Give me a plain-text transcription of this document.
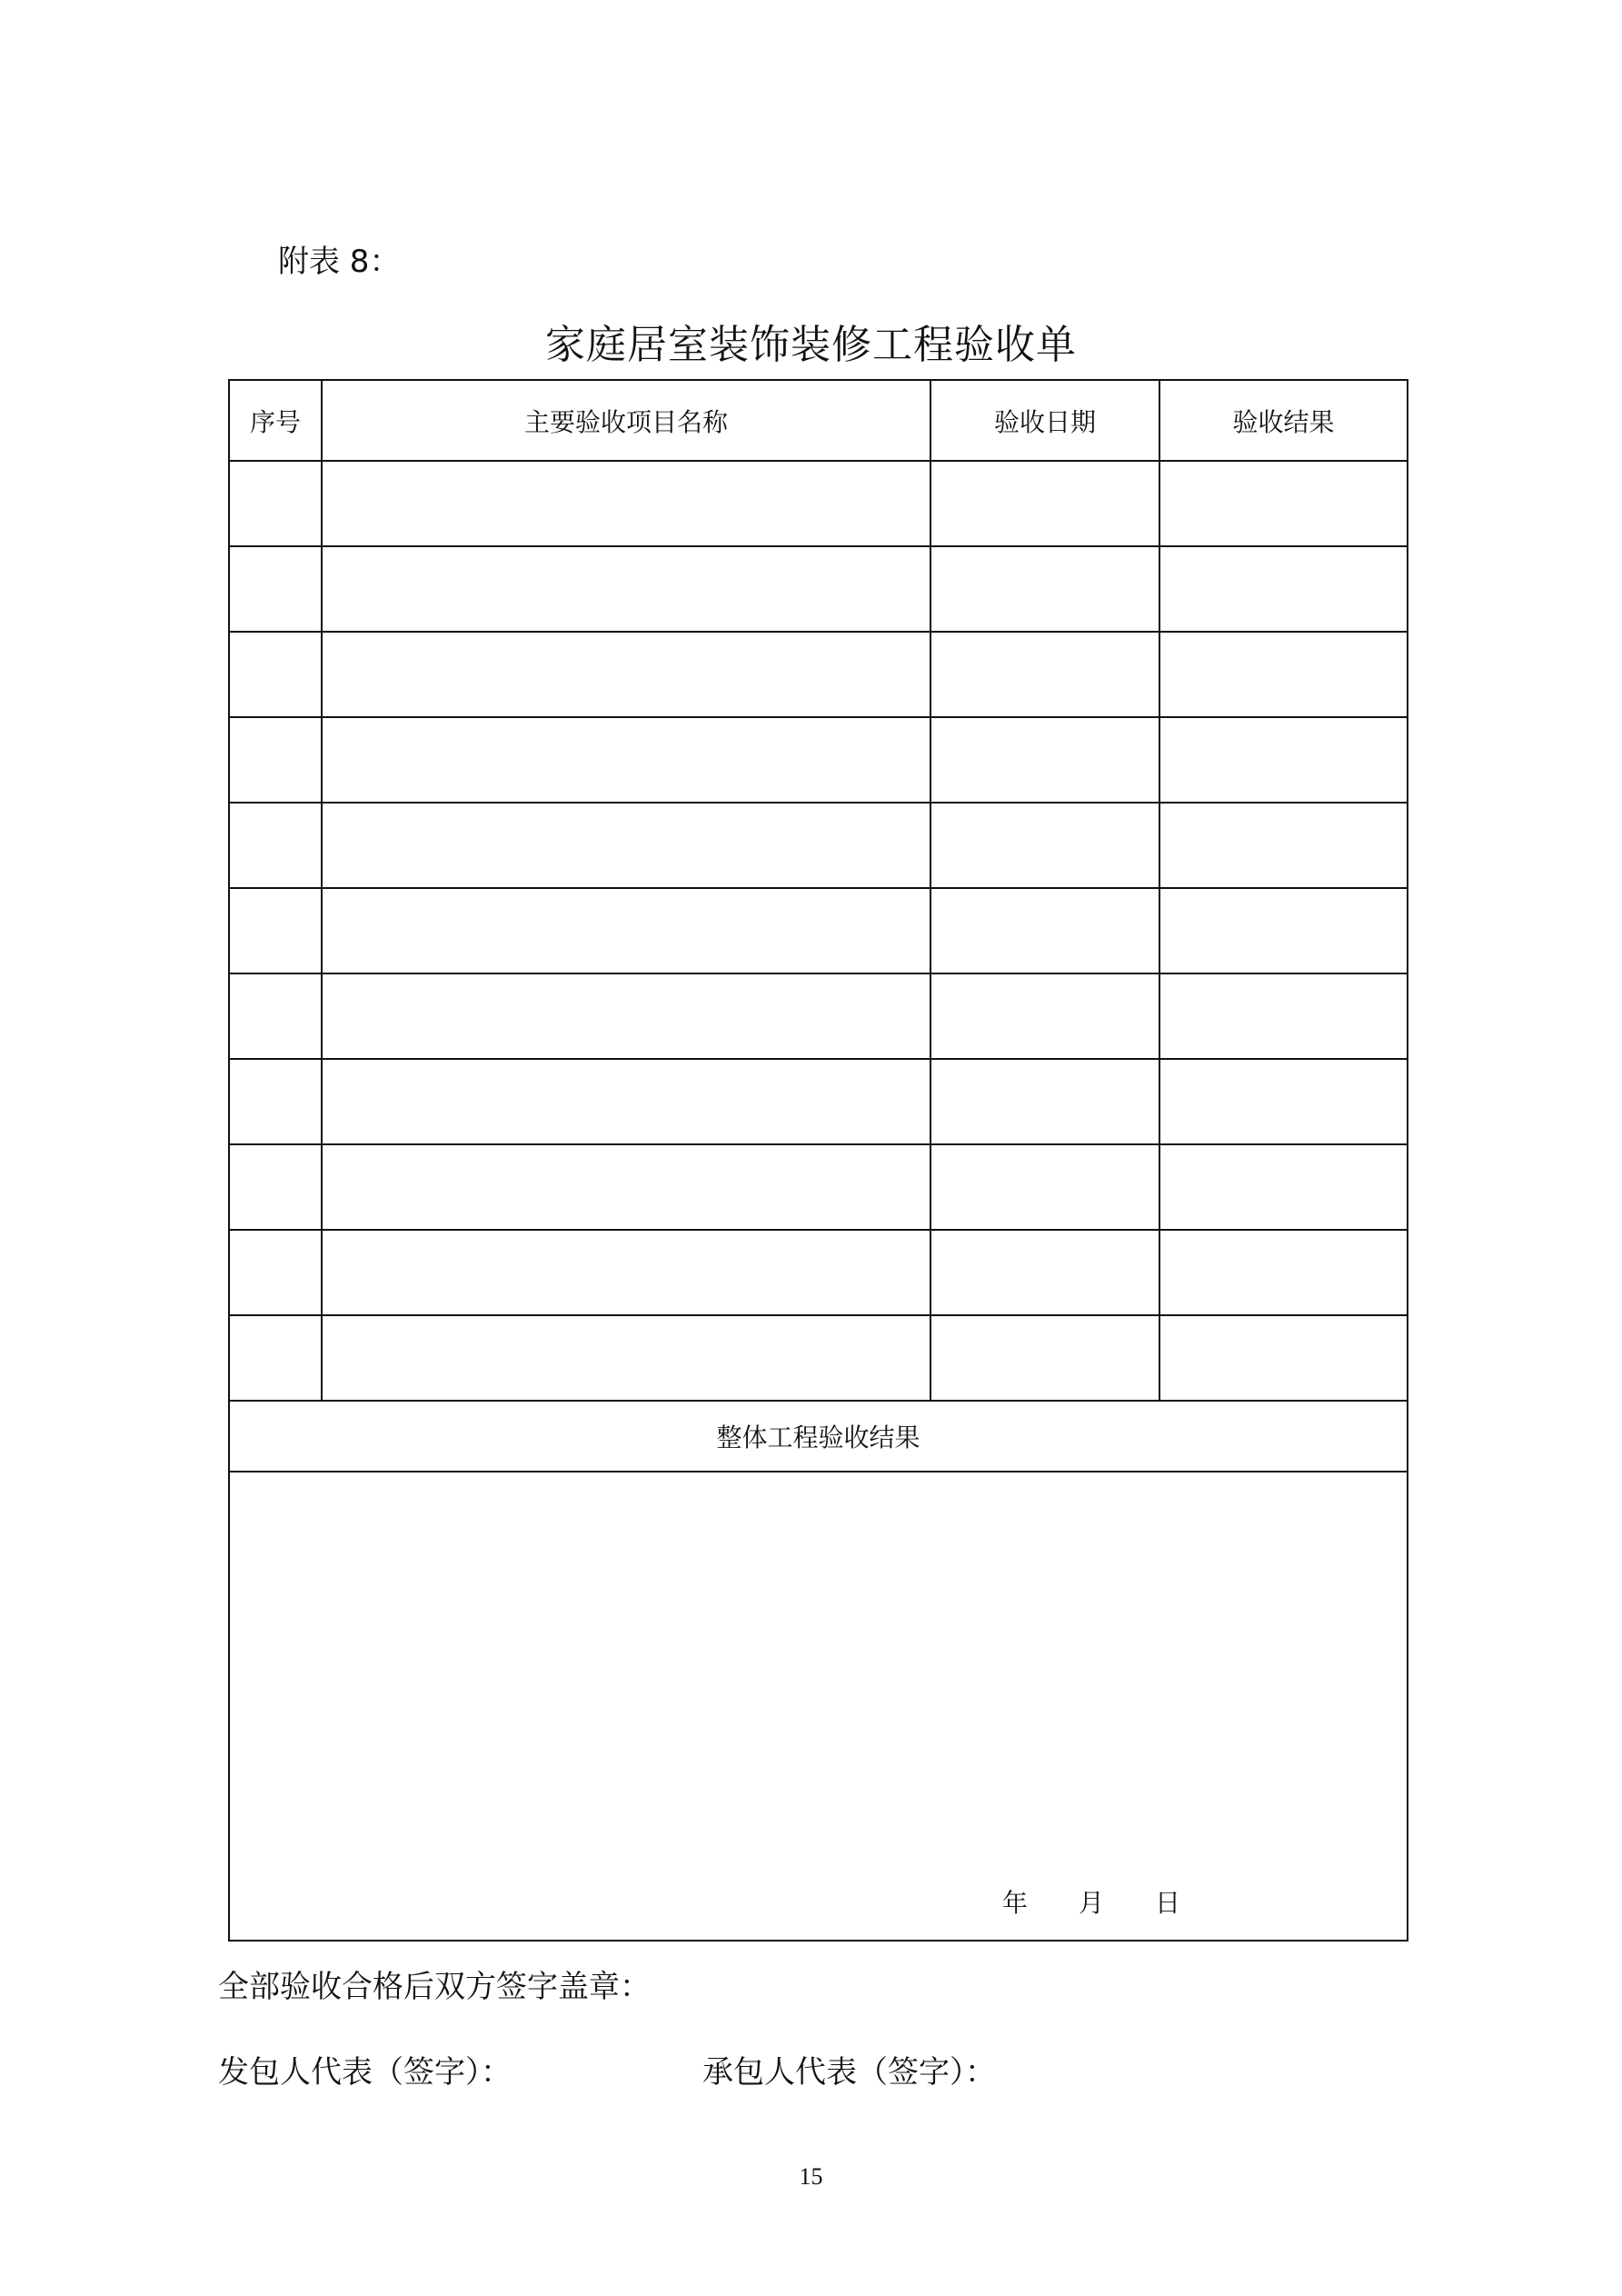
附表 8：
家庭居室装饰装修工程验收单
序号	主要验收项目名称	验收日期	验收结果

整体工程验收结果			

年 月 日			
全部验收合格后双方签字盖章：
发包人代表（签字）：	承包人代表（签字）：
15
